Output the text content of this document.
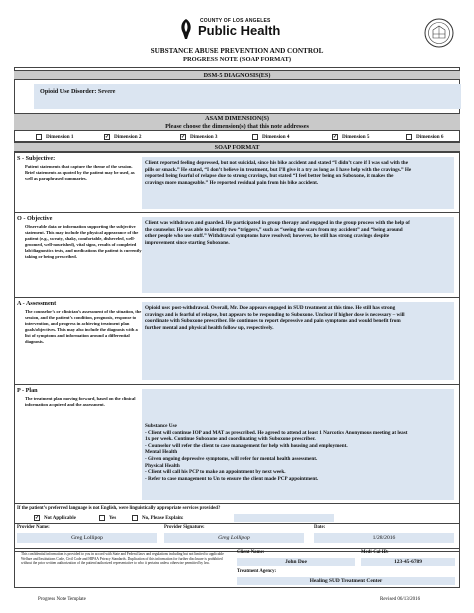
COUNTY OF LOS ANGELES
Public Health
SUBSTANCE ABUSE PREVENTION AND CONTROL
PROGRESS NOTE (SOAP FORMAT)
DSM-5 DIAGNOSIS(ES)
Opioid Use Disorder: Severe
ASAM DIMENSION(S)
Please choose the dimension(s) that this note addresses
Dimension 1	✓ Dimension 2	✓ Dimension 3	Dimension 4	✓ Dimension 5	Dimension 6
SOAP FORMAT
S - Subjective:
Patient statements that capture the theme of the session. Brief statements as quoted by the patient may be used, as well as paraphrased summaries.
Client reported feeling depressed, but not suicidal, since his bike accident and stated “I didn’t care if I was sad with the
pills or smack.” He stated, “I don’t believe in treatment, but I’ll give it a try as long as I have help with the cravings.” He
reported being fearful of relapse due to strong cravings, but stated “I feel better being on Suboxone, it makes the
cravings more manageable.” He reported residual pain from his bike accident.
O - Objective
Observable data or information supporting the subjective statement. This may include the physical appearance of the patient (e.g., sweaty, shaky, comfortable, disheveled, well-groomed, well-nourished), vital signs, results of completed lab/diagnostics tests, and medications the patient is currently taking or being prescribed.
Client was withdrawn and guarded. He participated in group therapy and engaged in the group process with the help of
the counselor. He was able to identify two “triggers,” such as “seeing the scars from my accident” and “being around
other people who use stuff.” Withdrawal symptoms have resolved; however, he still has strong cravings despite
improvement since starting Suboxone.
A - Assessment
The counselor’s or clinician’s assessment of the situation, the session, and the patient’s condition, prognosis, response to intervention, and progress in achieving treatment plan goals/objectives. This may also include the diagnosis with a list of symptoms and information around a differential diagnosis.
Opioid use: post-withdrawal. Overall, Mr. Doe appears engaged in SUD treatment at this time. He still has strong
cravings and is fearful of relapse, but appears to be responding to Suboxone. Unclear if higher dose is necessary – will
coordinate with Suboxone prescriber. He continues to report depressive and pain symptoms and would benefit from
further mental and physical health follow up, respectively.
P - Plan
The treatment plan moving forward, based on the clinical information acquired and the assessment.
Substance Use
- Client will continue IOP and MAT as prescribed. He agreed to attend at least 1 Narcotics Anonymous meeting at least
1x per week. Continue Suboxone and coordinating with Suboxone prescriber.
- Counselor will refer the client to case management for help with housing and employment.
Mental Health
- Given ongoing depressive symptoms, will refer for mental health assessment.
Physical Health
- Client will call his PCP to make an appointment by next week.
- Refer to case management to Un to ensure the client made PCP appointment.
If the patient’s preferred language is not English, were linguistically appropriate services provided?
✓ Not Applicable	Yes	No, Please Explain:
Provider Name:
Greg Lollipop
Provider Signature:
Greg Lollipop
Date:
1/28/2016
This confidential information is provided to you in accord with State and Federal laws and regulations including but not limited to applicable Welfare and Institutions Code, Civil Code and HIPAA Privacy Standards. Duplication of this information for further disclosure is prohibited without the prior written authorization of the patient/authorized representative to who it pertains unless otherwise permitted by law.
Client Name:
John Doe
Medi-Cal ID:
123-45-6789
Treatment Agency:
Healing SUD Treatment Center
Progress Note Template	Revised 06/13/2016
